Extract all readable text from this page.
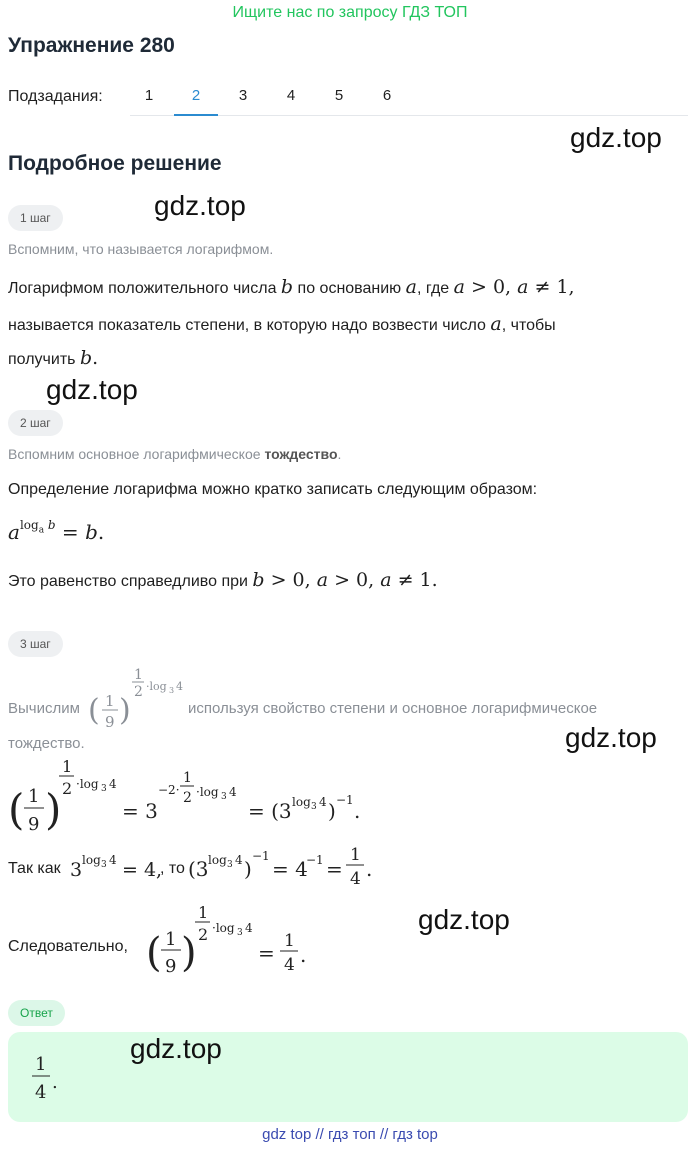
Ищите нас по запросу ГДЗ ТОП
Упражнение 280
Подзадания:	1	2	3	4	5	6
gdz.top
Подробное решение
1 шаг	gdz.top
Вспомним, что называется логарифмом.
Логарифмом положительного числа b по основанию a, где a > 0, a ≠ 1,
называется показатель степени, в которую надо возвести число a, чтобы
получить b.
gdz.top
2 шаг
Вспомним основное логарифмическое тождество.
Определение логарифма можно кратко записать следующим образом:
$a^{log_a b} = b$.
Это равенство справедливо при b > 0, a > 0, a ≠ 1.
3 шаг
Вычислим ( 1
9 )
1
2 ·log 3 4
используя свойство степени и основное логарифмическое
тождество.	gdz.top
( 1
9 )
1
2 ·log 3 4
= 3
−2·
1
2 ·log 3 4
= (3 log 3 4 ) −1 .
Так как 3 log 3 4 = 4,
, то (3 log 3 4 )
−1
= 4
−1 =
1
4 .
gdz.top
Следовательно, ( 1
9 )
1
2 ·log 3 4
= 1
4 .
Ответ
1
4 .
gdz.top
gdz top // гдз топ // гдз top
